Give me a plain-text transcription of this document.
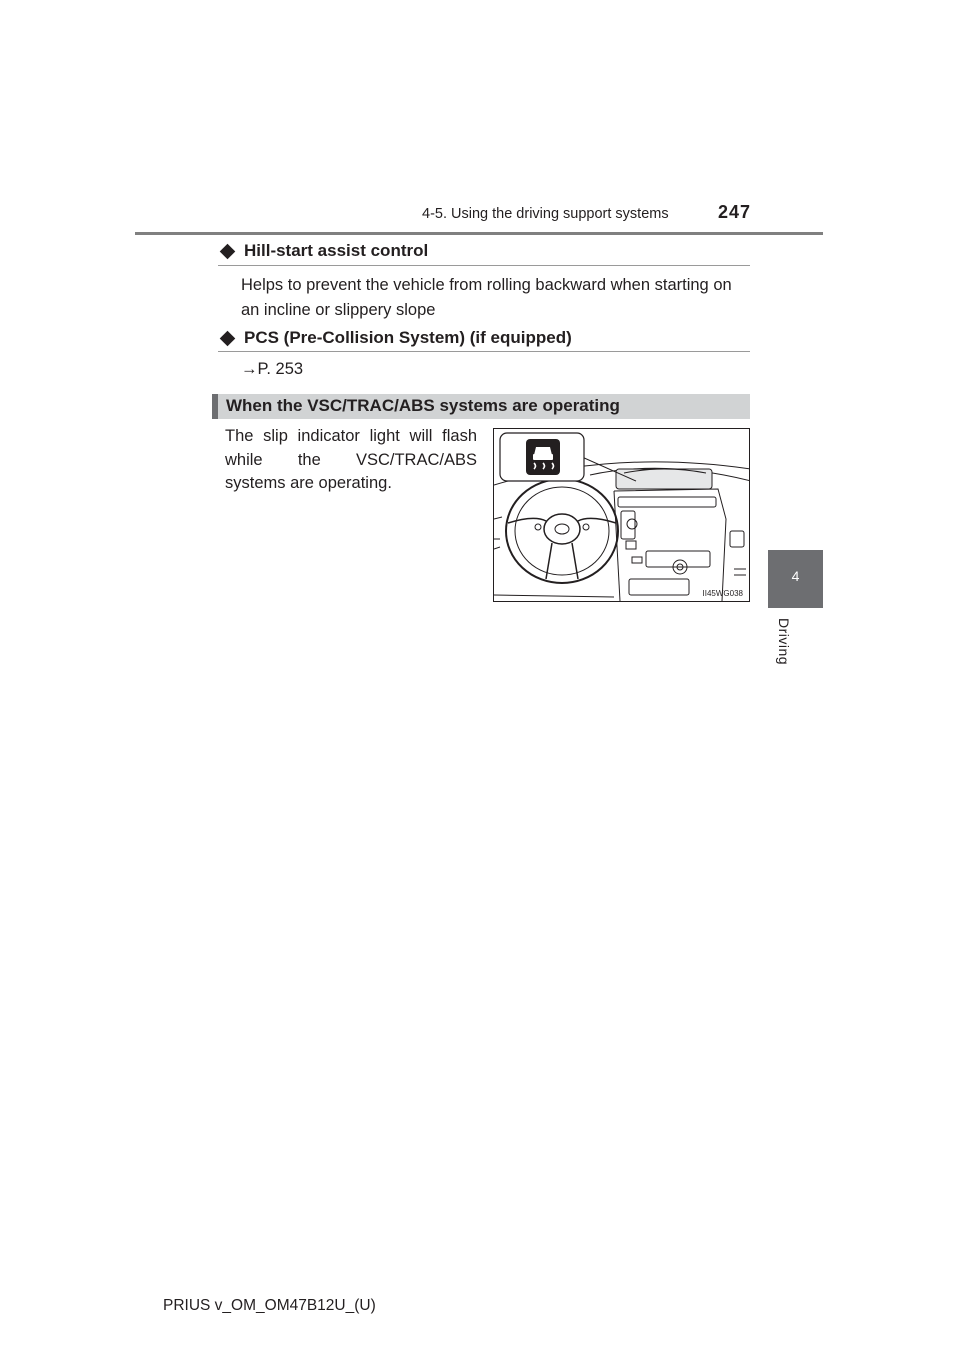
4-5. Using the driving support systems	247
4
Driving
Hill-start assist control
Helps to prevent the vehicle from rolling backward when starting on
an incline or slippery slope
PCS (Pre-Collision System) (if equipped)
→P. 253
When the VSC/TRAC/ABS systems are operating
The slip indicator light will flash while the VSC/TRAC/ABS systems are operating.
II45WG038
PRIUS v_OM_OM47B12U_(U)
